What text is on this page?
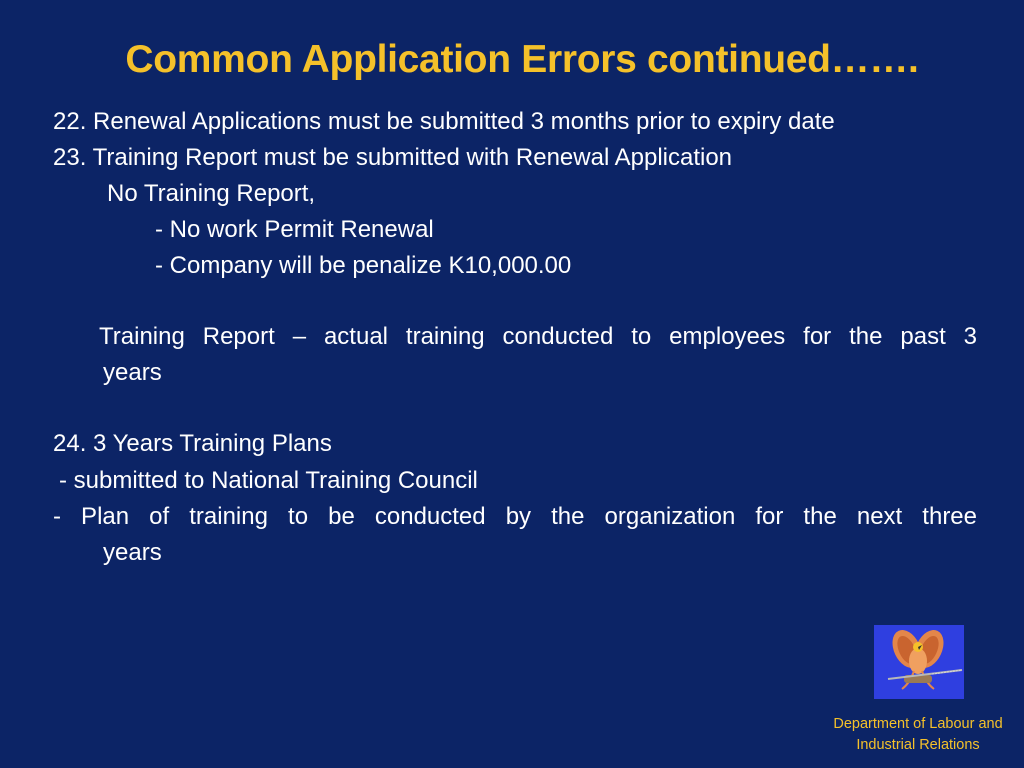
Common Application Errors continued…….
22. Renewal Applications must be submitted 3 months prior to expiry date
23. Training Report must be submitted with Renewal Application
No Training Report,
- No work Permit Renewal
- Company will be penalize K10,000.00
Training Report – actual training conducted to employees for the past 3
years
24. 3 Years Training Plans
- submitted to National Training Council
- Plan of training to be conducted by the organization for the next three
years
Department of Labour and
Industrial Relations
